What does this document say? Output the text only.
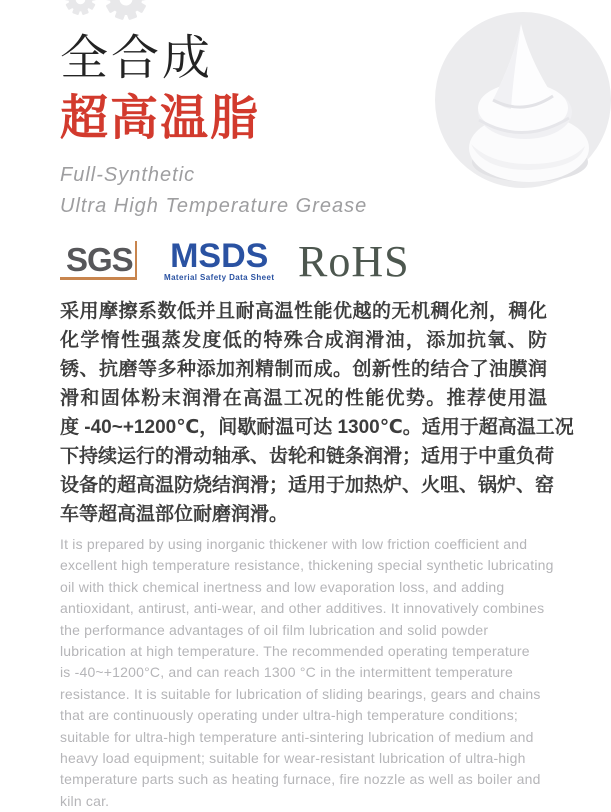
全合成
超高温脂
Full-Synthetic
Ultra High Temperature Grease
SGS MSDS
Material Safety Data Sheet RoHS
采用摩擦系数低并且耐高温性能优越的无机稠化剂，稠化
化学惰性强蒸发度低的特殊合成润滑油，添加抗氧、防
锈、抗磨等多种添加剂精制而成。创新性的结合了油膜润
滑和固体粉末润滑在高温工况的性能优势。推荐使用温
度 -40~+1200℃，间歇耐温可达 1300℃。适用于超高温工况
下持续运行的滑动轴承、齿轮和链条润滑；适用于中重负荷
设备的超高温防烧结润滑；适用于加热炉、火咀、锅炉、窑
车等超高温部位耐磨润滑。
It is prepared by using inorganic thickener with low friction coefficient and
excellent high temperature resistance, thickening special synthetic lubricating
oil with thick chemical inertness and low evaporation loss, and adding
antioxidant, antirust, anti-wear, and other additives. It innovatively combines
the performance advantages of oil film lubrication and solid powder
lubrication at high temperature. The recommended operating temperature
is -40~+1200°C, and can reach 1300 °C in the intermittent temperature
resistance. It is suitable for lubrication of sliding bearings, gears and chains
that are continuously operating under ultra-high temperature conditions;
suitable for ultra-high temperature anti-sintering lubrication of medium and
heavy load equipment; suitable for wear-resistant lubrication of ultra-high
temperature parts such as heating furnace, fire nozzle as well as boiler and
kiln car.
